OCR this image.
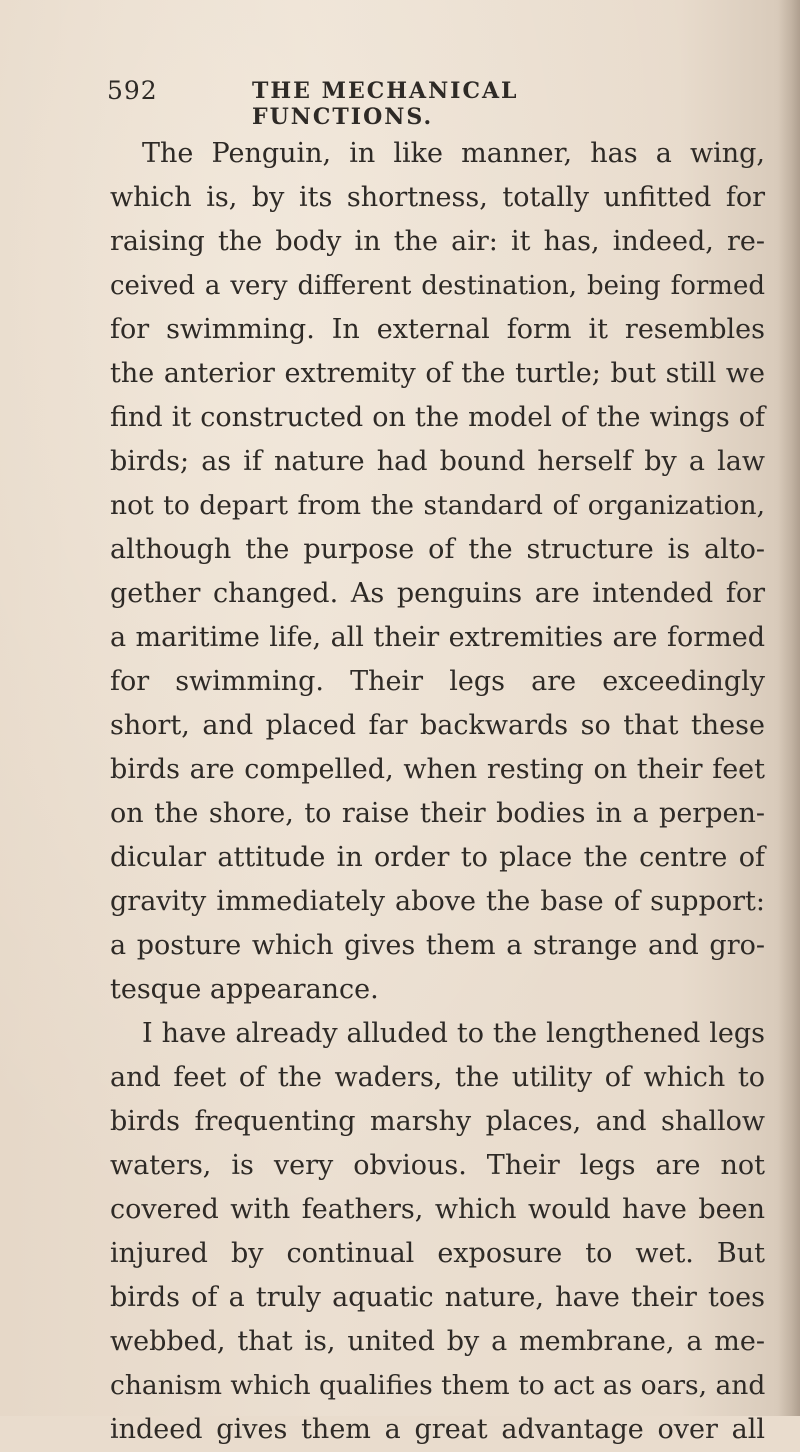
592	THE MECHANICAL FUNCTIONS.
The Penguin, in like manner, has a wing,
which is, by its shortness, totally unfitted for
raising the body in the air: it has, indeed, re-
ceived a very different destination, being formed
for swimming. In external form it resembles
the anterior extremity of the turtle; but still we
find it constructed on the model of the wings of
birds; as if nature had bound herself by a law
not to depart from the standard of organization,
although the purpose of the structure is alto-
gether changed. As penguins are intended for
a maritime life, all their extremities are formed
for swimming. Their legs are exceedingly
short, and placed far backwards so that these
birds are compelled, when resting on their feet
on the shore, to raise their bodies in a perpen-
dicular attitude in order to place the centre of
gravity immediately above the base of support:
a posture which gives them a strange and gro-
tesque appearance.
I have already alluded to the lengthened legs
and feet of the waders, the utility of which to
birds frequenting marshy places, and shallow
waters, is very obvious. Their legs are not
covered with feathers, which would have been
injured by continual exposure to wet. But
birds of a truly aquatic nature, have their toes
webbed, that is, united by a membrane, a me-
chanism which qualifies them to act as oars, and
indeed gives them a great advantage over all
